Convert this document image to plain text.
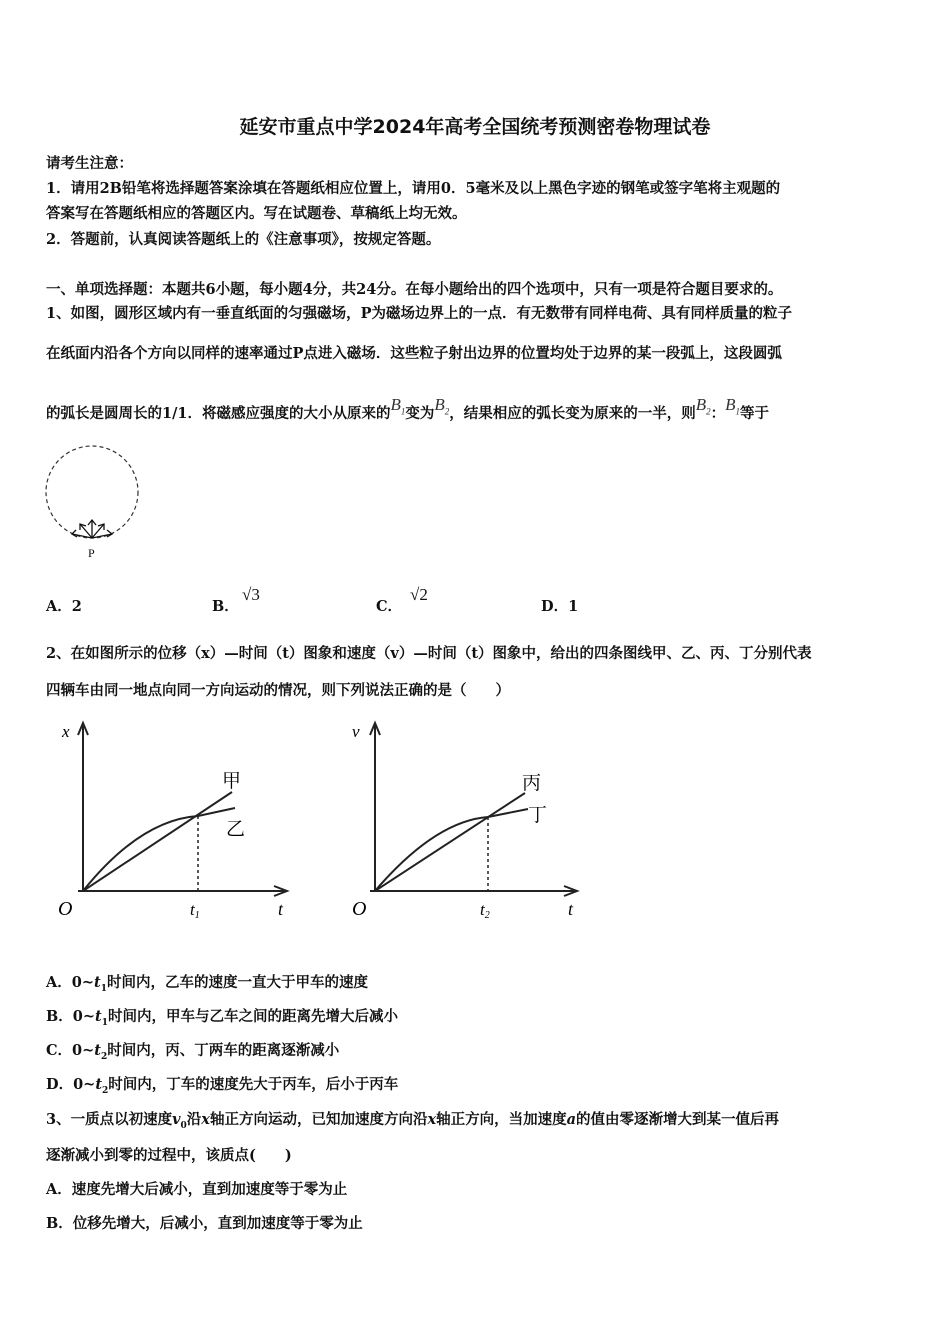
延安市重点中学2024年高考全国统考预测密卷物理试卷
请考生注意：
1．请用2B铅笔将选择题答案涂填在答题纸相应位置上，请用0．5毫米及以上黑色字迹的钢笔或签字笔将主观题的
答案写在答题纸相应的答题区内。写在试题卷、草稿纸上均无效。
2．答题前，认真阅读答题纸上的《注意事项》，按规定答题。
一、单项选择题：本题共6小题，每小题4分，共24分。在每小题给出的四个选项中，只有一项是符合题目要求的。
1、如图，圆形区域内有一垂直纸面的匀强磁场，P为磁场边界上的一点．有无数带有同样电荷、具有同样质量的粒子
在纸面内沿各个方向以同样的速率通过P点进入磁场．这些粒子射出边界的位置均处于边界的某一段弧上，这段圆弧
的弧长是圆周长的1/1．将磁感应强度的大小从原来的$B_1$变为$B_2$，结果相应的弧长变为原来的一半，则$B_2$：$B_1$等于
P
A．2	B．
√3
C．
√2
D．1
2、在如图所示的位移（x）—时间（t）图象和速度（v）—时间（t）图象中，给出的四条图线甲、乙、丙、丁分别代表
四辆车由同一地点向同一方向运动的情况，则下列说法正确的是（　　）
x
O	t1	t
甲
乙
v
O	t2	t
丙
丁
A．$0\sim t_1$时间内，乙车的速度一直大于甲车的速度
B．$0\sim t_1$时间内，甲车与乙车之间的距离先增大后减小
C．$0\sim t_2$时间内，丙、丁两车的距离逐渐减小
D．$0\sim t_2$时间内，丁车的速度先大于丙车，后小于丙车
3、一质点以初速度$v_0$沿x轴正方向运动，已知加速度方向沿x轴正方向，当加速度a的值由零逐渐增大到某一值后再
逐渐减小到零的过程中，该质点(　　)
A．速度先增大后减小，直到加速度等于零为止
B．位移先增大，后减小，直到加速度等于零为止
